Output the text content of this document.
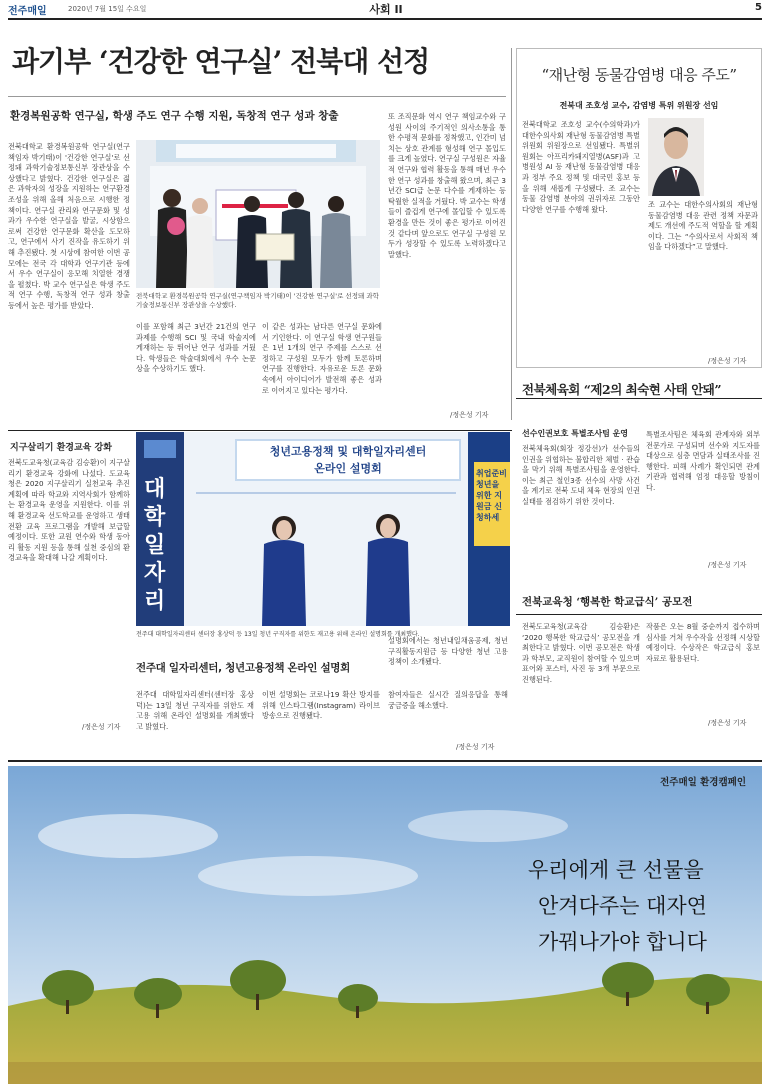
전주매일	2020년 7월 15일 수요일	사회 II	5
과기부 ‘건강한 연구실’ 전북대 선정
환경복원공학 연구실, 학생 주도 연구 수행 지원, 독창적 연구 성과 창출
전북대학교 환경복원공학 연구실(연구책임자 박기태)이 '건강한 연구실'로 선정돼 과학기술정보통신부 장관상을 수상했다고 밝혔다. 건강한 연구실은 젊은 과학자의 성장을 지원하는 연구환경 조성을 위해 올해 처음으로 시행한 정책이다. 연구실 관리와 연구문화 및 성과가 우수한 연구실을 발굴, 시상함으로써 건강한 연구문화 확산을 도모하고, 연구에서 사기 진작을 유도하기 위해 추진됐다. 첫 시상에 참여한 이번 공모에는 전국 각 대학과 연구기관 등에서 우수 연구실이 응모해 치열한 경쟁을 펼쳤다. 박 교수 연구실은 학생 주도적 연구 수행, 독창적 연구 성과 창출 등에서 높은 평가를 받았다.
전북대학교 환경복원공학 연구실(연구책임자 박기태)이 '건강한 연구실'로 선정돼 과학기술정보통신부 장관상을 수상했다.
이를 포함해 최근 3년간 21건의 연구 과제를 수행해 SCI 및 국내 학술지에 게재하는 등 뛰어난 연구 성과를 거뒀다. 학생들은 학술대회에서 우수 논문상을 수상하기도 했다.
이 같은 성과는 남다른 연구실 문화에서 기인한다. 이 연구실 학생 연구원들은 1년 1개의 연구 주제를 스스로 선정하고 구성원 모두가 함께 토론하며 연구를 진행한다. 자유로운 토론 문화 속에서 아이디어가 발전해 좋은 성과로 이어지고 있다는 평가다.
또 조직문화 역시 연구 책임교수와 구성원 사이의 주기적인 의사소통을 통한 수평적 문화를 정착했고, 인간미 넘치는 상호 관계를 형성해 연구 몰입도를 크게 높였다. 연구실 구성원은 자율적 연구와 협력 활동을 통해 매년 우수한 연구 성과를 창출해 왔으며, 최근 3년간 SCI급 논문 다수를 게재하는 등 탁월한 실적을 거뒀다. 박 교수는 학생들이 즐겁게 연구에 몰입할 수 있도록 환경을 만든 것이 좋은 평가로 이어진 것 같다며 앞으로도 연구실 구성원 모두가 성장할 수 있도록 노력하겠다고 말했다.
/정은성 기자
“재난형 동물감염병 대응 주도”
전북대 조호성 교수, 감염병 특위 위원장 선임
전북대학교 조호성 교수(수의학과)가 대한수의사회 재난형 동물감염병 특별위원회 위원장으로 선임됐다. 특별위원회는 아프리카돼지열병(ASF)과 고병원성 AI 등 재난형 동물감염병 대응과 정부 주요 정책 및 대국민 홍보 등을 위해 새롭게 구성됐다. 조 교수는 동물 감염병 분야의 권위자로 그동안 다양한 연구를 수행해 왔다.
조 교수는 대한수의사회의 재난형 동물감염병 대응 관련 정책 자문과 제도 개선에 주도적 역할을 할 계획이다. 그는 “수의사로서 사회적 책임을 다하겠다”고 말했다.
/정은성 기자
전북체육회 “제2의 최숙현 사태 안돼”
선수인권보호 특별조사팀 운영
전북체육회(회장 정강선)가 선수들의 인권을 위협하는 불합리한 체벌 · 관습을 막기 위해 특별조사팀을 운영한다. 이는 최근 철인3종 선수의 사망 사건을 계기로 전북 도내 체육 현장의 인권 실태를 점검하기 위한 것이다.
특별조사팀은 체육회 관계자와 외부 전문가로 구성되며 선수와 지도자를 대상으로 심층 면담과 실태조사를 진행한다. 피해 사례가 확인되면 관계 기관과 협력해 엄정 대응할 방침이다.
/정은성 기자
전북교육청 ‘행복한 학교급식’ 공모전
전북도교육청(교육감 김승환)은 ‘2020 행복한 학교급식’ 공모전을 개최한다고 밝혔다. 이번 공모전은 학생과 학부모, 교직원이 참여할 수 있으며 표어와 포스터, 사진 등 3개 부문으로 진행된다.
작품은 오는 8월 중순까지 접수하며 심사를 거쳐 우수작을 선정해 시상할 예정이다. 수상작은 학교급식 홍보 자료로 활용된다.
/정은성 기자
지구살리기 환경교육 강화
전북도교육청(교육감 김승환)이 지구살리기 환경교육 강화에 나섰다. 도교육청은 2020 지구살리기 실천교육 추진계획에 따라 학교와 지역사회가 함께하는 환경교육 운영을 지원한다. 이를 위해 환경교육 선도학교를 운영하고 생태 전환 교육 프로그램을 개발해 보급할 예정이다. 또한 교원 연수와 학생 동아리 활동 지원 등을 통해 실천 중심의 환경교육을 확대해 나갈 계획이다.
/정은성 기자
청년고용정책 및 대학일자리센터
온라인 설명회
대학일자리
취업준비 청년을 위한 지원금 신청하세
전주대 대학일자리센터 센터장 홍상덕 등 13일 청년 구직자를 위한도 재고용 위해 온라인 설명회를 개최했다.
전주대 일자리센터, 청년고용정책 온라인 설명회
전주대 대학일자리센터(센터장 홍상덕)는 13일 청년 구직자를 위한도 재고용 위해 온라인 설명회를 개최했다고 밝혔다.
이번 설명회는 코로나19 확산 방지를 위해 인스타그램(Instagram) 라이브 방송으로 진행됐다.
설명회에서는 청년내일채움공제, 청년구직활동지원금 등 다양한 청년 고용 정책이 소개됐다.
참여자들은 실시간 질의응답을 통해 궁금증을 해소했다.
/정은성 기자
전주매일 환경캠페인
우리에게 큰 선물을
안겨다주는 대자연
가꿔나가야 합니다
